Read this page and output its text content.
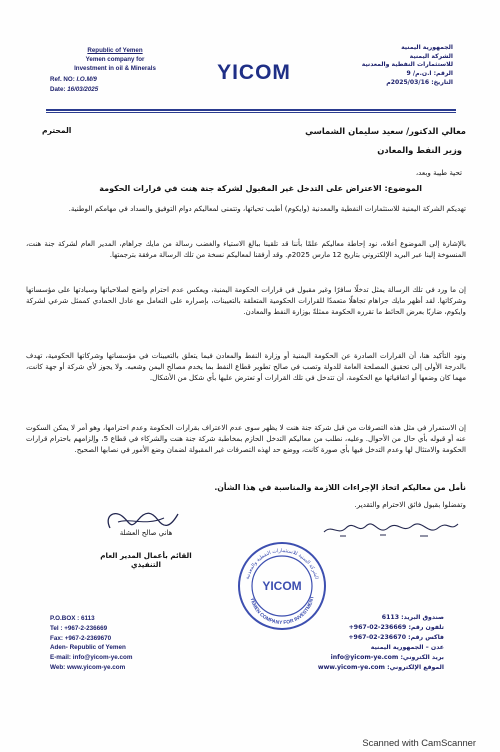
Republic of Yemen
Yemen company for
Investment in oil & Minerals
Ref. NO: I.O.M/9
Date: 16/03/2025
YICOM
الجمهورية اليمنية
الشركة اليمنية
للاستثمارات النفطية والمعدنية
الرقم: ا.ن.م/ 9
التاريخ: 2025/03/16م
معالي الدكتور/ سعيد سليمان الشماسي
المحترم
وزير النفط والمعادن
تحية طيبة وبعد،
الموضوع: الاعتراض على التدخل غير المقبول لشركة جنة هنت في قرارات الحكومة
تهديكم الشركة اليمنية للاستثمارات النفطية والمعدنية (وايكوم) أطيب تحياتها، وتتمنى لمعاليكم دوام التوفيق والسداد في مهامكم الوطنية.
بالإشارة إلى الموضوع أعلاه، نود إحاطة معاليكم علمًا بأننا قد تلقينا ببالغ الاستياء والغضب رسالة من مايك جراهام، المدير العام لشركة جنة هنت، المنسوخة إلينا عبر البريد الإلكتروني بتاريخ 12 مارس 2025م. وقد أرفقنا لمعاليكم نسخة من تلك الرسالة مرفقة بترجمتها.
إن ما ورد في تلك الرسالة يمثل تدخلًا سافرًا وغير مقبول في قرارات الحكومة اليمنية، ويعكس عدم احترام واضح لصلاحياتها وسيادتها على مؤسساتها وشركاتها. لقد أظهر مايك جراهام تجاهلًا متعمدًا للقرارات الحكومية المتعلقة بالتعيينات، بإصراره على التعامل مع عادل الحمادي كممثل شرعي لشركة وايكوم، ضاربًا بعرض الحائط ما تقرره الحكومة ممثلةً بوزارة النفط والمعادن.
ونود التأكيد هنا، أن القرارات الصادرة عن الحكومة اليمنية أو وزارة النفط والمعادن فيما يتعلق بالتعيينات في مؤسساتها وشركاتها الحكومية، تهدف بالدرجة الأولى إلى تحقيق المصلحة العامة للدولة وتصب في صالح تطوير قطاع النفط بما يخدم مصالح اليمن وشعبه. ولا يجوز لأي شركة أو جهة كانت، مهما كان وضعها أو اتفاقياتها مع الحكومة، أن تتدخل في تلك القرارات أو تعترض عليها بأي شكل من الأشكال.
إن الاستمرار في مثل هذه التصرفات من قبل شركة جنة هنت لا يظهر سوى عدم الاعتراف بقرارات الحكومة وعدم احترامها، وهو أمر لا يمكن السكوت عنه أو قبوله بأي حال من الأحوال. وعليه، نطلب من معاليكم التدخل الحازم بمخاطبة شركة جنة هنت والشركاء في قطاع 5، وإلزامهم باحترام قرارات الحكومة والامتثال لها وعدم التدخل فيها بأي صورة كانت، ووضع حد لهذه التصرفات غير المقبولة لضمان وضع الأمور في نصابها الصحيح.
نأمل من معاليكم اتخاذ الإجراءات اللازمة والمناسبة في هذا الشأن.
وتفضلوا بقبول فائق الاحترام والتقدير.
هاني صالح العشلة
القائم بأعمال المدير العام التنفيذي
YICOM
الشركة اليمنية للاستثمارات النفطية والمعدنية
YEMEN COMPANY FOR INVESTMENT
P.O.BOX : 6113
Tel : +967-2-236669
Fax: +967-2-2369670
Aden- Republic of Yemen
E-mail: info@yicom-ye.com
Web: www.yicom-ye.com
صندوق البريد: 6113
تلفون رقم: +967-02-236669
فاكس رقم: +967-02-236670
عدن – الجمهورية اليمنية
بريد الكتروني: info@yicom-ye.com
الموقع الإلكتروني: www.yicom-ye.com
Scanned with CamScanner
